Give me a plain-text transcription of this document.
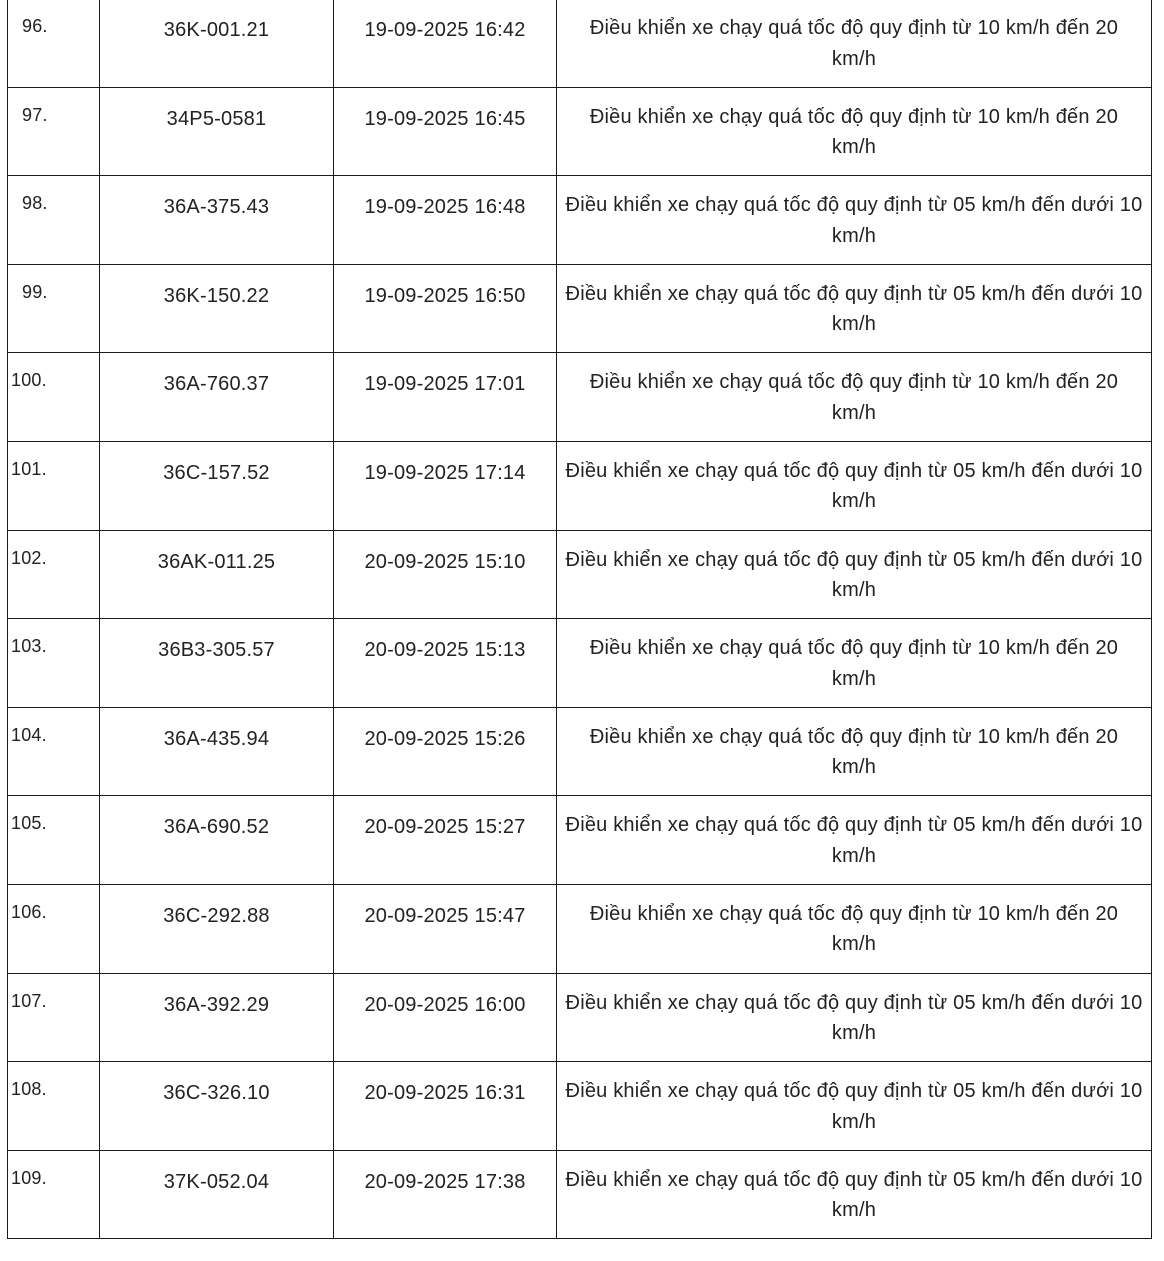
96.	36K-001.21	19-09-2025 16:42	Điều khiển xe chạy quá tốc độ quy định từ 10 km/h đến 20 km/h
97.	34P5-0581	19-09-2025 16:45	Điều khiển xe chạy quá tốc độ quy định từ 10 km/h đến 20 km/h
98.	36A-375.43	19-09-2025 16:48	Điều khiển xe chạy quá tốc độ quy định từ 05 km/h đến dưới 10 km/h
99.	36K-150.22	19-09-2025 16:50	Điều khiển xe chạy quá tốc độ quy định từ 05 km/h đến dưới 10 km/h
100.	36A-760.37	19-09-2025 17:01	Điều khiển xe chạy quá tốc độ quy định từ 10 km/h đến 20 km/h
101.	36C-157.52	19-09-2025 17:14	Điều khiển xe chạy quá tốc độ quy định từ 05 km/h đến dưới 10 km/h
102.	36AK-011.25	20-09-2025 15:10	Điều khiển xe chạy quá tốc độ quy định từ 05 km/h đến dưới 10 km/h
103.	36B3-305.57	20-09-2025 15:13	Điều khiển xe chạy quá tốc độ quy định từ 10 km/h đến 20 km/h
104.	36A-435.94	20-09-2025 15:26	Điều khiển xe chạy quá tốc độ quy định từ 10 km/h đến 20 km/h
105.	36A-690.52	20-09-2025 15:27	Điều khiển xe chạy quá tốc độ quy định từ 05 km/h đến dưới 10 km/h
106.	36C-292.88	20-09-2025 15:47	Điều khiển xe chạy quá tốc độ quy định từ 10 km/h đến 20 km/h
107.	36A-392.29	20-09-2025 16:00	Điều khiển xe chạy quá tốc độ quy định từ 05 km/h đến dưới 10 km/h
108.	36C-326.10	20-09-2025 16:31	Điều khiển xe chạy quá tốc độ quy định từ 05 km/h đến dưới 10 km/h
109.	37K-052.04	20-09-2025 17:38	Điều khiển xe chạy quá tốc độ quy định từ 05 km/h đến dưới 10 km/h
